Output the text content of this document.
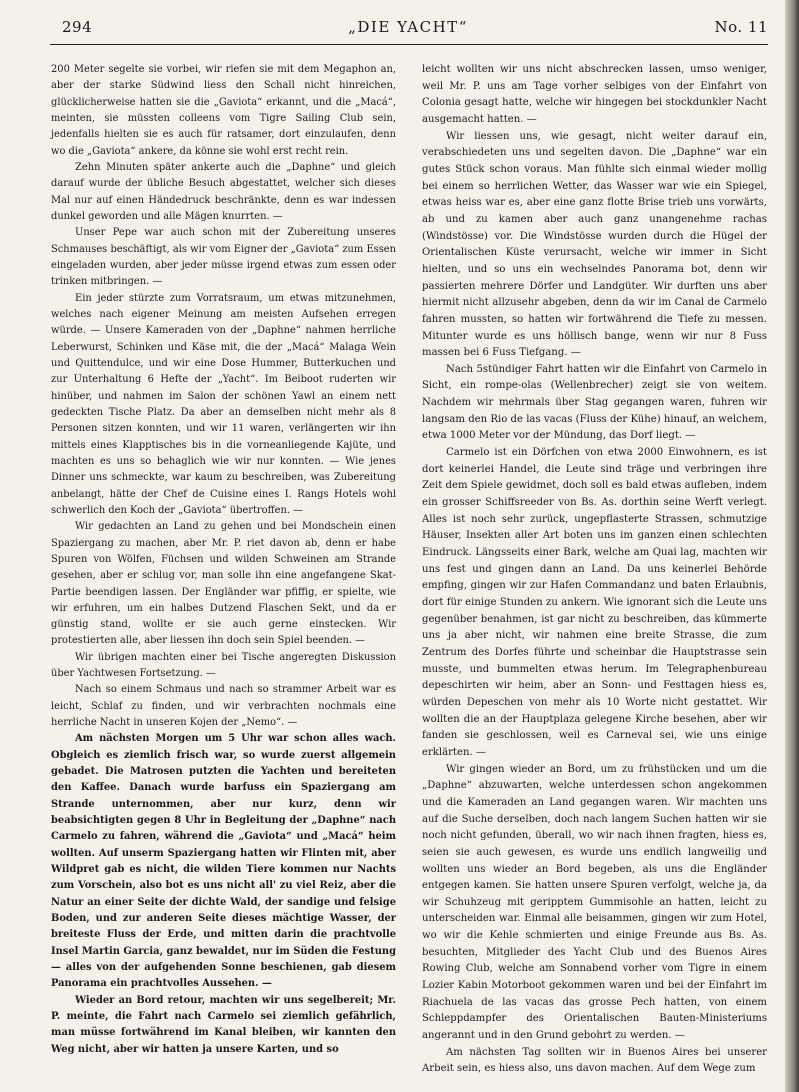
294	„DIE YACHT“	No. 11

200 Meter segelte sie vorbei, wir riefen sie mit dem Megaphon an, aber der starke Südwind liess den Schall nicht hinreichen, glücklicherweise hatten sie die „Gaviota“ erkannt, und die „Macá“, meinten, sie müssten colleens vom Tigre Sailing Club sein, jedenfalls hielten sie es auch für ratsamer, dort einzulaufen, denn wo die „Gaviota“ ankere, da könne sie wohl erst recht rein.

Zehn Minuten später ankerte auch die „Daphne“ und gleich darauf wurde der übliche Besuch abgestattet, welcher sich dieses Mal nur auf einen Händedruck beschränkte, denn es war indessen dunkel geworden und alle Mägen knurrten. —

Unser Pepe war auch schon mit der Zubereitung unseres Schmauses beschäftigt, als wir vom Eigner der „Gaviota“ zum Essen eingeladen wurden, aber jeder müsse irgend etwas zum essen oder trinken mitbringen. —

Ein jeder stürzte zum Vorratsraum, um etwas mitzunehmen, welches nach eigener Meinung am meisten Aufsehen erregen würde. — Unsere Kameraden von der „Daphne“ nahmen herrliche Leberwurst, Schinken und Käse mit, die der „Macá“ Malaga Wein und Quittendulce, und wir eine Dose Hummer, Butterkuchen und zur Unterhaltung 6 Hefte der „Yacht“. Im Beiboot ruderten wir hinüber, und nahmen im Salon der schönen Yawl an einem nett gedeckten Tische Platz. Da aber an demselben nicht mehr als 8 Personen sitzen konnten, und wir 11 waren, verlängerten wir ihn mittels eines Klapptisches bis in die vorneanliegende Kajüte, und machten es uns so behaglich wie wir nur konnten. — Wie jenes Dinner uns schmeckte, war kaum zu beschreiben, was Zubereitung anbelangt, hätte der Chef de Cuisine eines I. Rangs Hotels wohl schwerlich den Koch der „Gaviota“ übertroffen. —

Wir gedachten an Land zu gehen und bei Mondschein einen Spaziergang zu machen, aber Mr. P. riet davon ab, denn er habe Spuren von Wölfen, Füchsen und wilden Schweinen am Strande gesehen, aber er schlug vor, man solle ihn eine angefangene Skat-Partie beendigen lassen. Der Engländer war pfiffig, er spielte, wie wir erfuhren, um ein halbes Dutzend Flaschen Sekt, und da er günstig stand, wollte er sie auch gerne einstecken. Wir protestierten alle, aber liessen ihn doch sein Spiel beenden. —

Wir übrigen machten einer bei Tische angeregten Diskussion über Yachtwesen Fortsetzung. —

Nach so einem Schmaus und nach so strammer Arbeit war es leicht, Schlaf zu finden, und wir verbrachten nochmals eine herrliche Nacht in unseren Kojen der „Nemo“. —

Am nächsten Morgen um 5 Uhr war schon alles wach. Obgleich es ziemlich frisch war, so wurde zuerst allgemein gebadet. Die Matrosen putzten die Yachten und bereiteten den Kaffee. Danach wurde barfuss ein Spaziergang am Strande unternommen, aber nur kurz, denn wir beabsichtigten gegen 8 Uhr in Begleitung der „Daphne“ nach Carmelo zu fahren, während die „Gaviota“ und „Macá“ heim wollten. Auf unserm Spaziergang hatten wir Flinten mit, aber Wildpret gab es nicht, die wilden Tiere kommen nur Nachts zum Vorschein, also bot es uns nicht all' zu viel Reiz, aber die Natur an einer Seite der dichte Wald, der sandige und felsige Boden, und zur anderen Seite dieses mächtige Wasser, der breiteste Fluss der Erde, und mitten darin die prachtvolle Insel Martin Garcia, ganz bewaldet, nur im Süden die Festung — alles von der aufgehenden Sonne beschienen, gab diesem Panorama ein prachtvolles Aussehen. —

Wieder an Bord retour, machten wir uns segelbereit; Mr. P. meinte, die Fahrt nach Carmelo sei ziemlich gefährlich, man müsse fortwährend im Kanal bleiben, wir kannten den Weg nicht, aber wir hatten ja unsere Karten, und so

leicht wollten wir uns nicht abschrecken lassen, umso weniger, weil Mr. P. uns am Tage vorher selbiges von der Einfahrt von Colonia gesagt hatte, welche wir hingegen bei stockdunkler Nacht ausgemacht hatten. —

Wir liessen uns, wie gesagt, nicht weiter darauf ein, verabschiedeten uns und segelten davon. Die „Daphne“ war ein gutes Stück schon voraus. Man fühlte sich einmal wieder mollig bei einem so herrlichen Wetter, das Wasser war wie ein Spiegel, etwas heiss war es, aber eine ganz flotte Brise trieb uns vorwärts, ab und zu kamen aber auch ganz unangenehme rachas (Windstösse) vor. Die Windstösse wurden durch die Hügel der Orientalischen Küste verursacht, welche wir immer in Sicht hielten, und so uns ein wechselndes Panorama bot, denn wir passierten mehrere Dörfer und Landgüter. Wir durften uns aber hiermit nicht allzusehr abgeben, denn da wir im Canal de Carmelo fahren mussten, so hatten wir fortwährend die Tiefe zu messen. Mitunter wurde es uns höllisch bange, wenn wir nur 8 Fuss massen bei 6 Fuss Tiefgang. —

Nach 5stündiger Fahrt hatten wir die Einfahrt von Carmelo in Sicht, ein rompe-olas (Wellenbrecher) zeigt sie von weitem. Nachdem wir mehrmals über Stag gegangen waren, fuhren wir langsam den Rio de las vacas (Fluss der Kühe) hinauf, an welchem, etwa 1000 Meter vor der Mündung, das Dorf liegt. —

Carmelo ist ein Dörfchen von etwa 2000 Einwohnern, es ist dort keinerlei Handel, die Leute sind träge und verbringen ihre Zeit dem Spiele gewidmet, doch soll es bald etwas aufleben, indem ein grosser Schiffsreeder von Bs. As. dorthin seine Werft verlegt. Alles ist noch sehr zurück, ungepflasterte Strassen, schmutzige Häuser, Insekten aller Art boten uns im ganzen einen schlechten Eindruck. Längsseits einer Bark, welche am Quai lag, machten wir uns fest und gingen dann an Land. Da uns keinerlei Behörde empfing, gingen wir zur Hafen Commandanz und baten Erlaubnis, dort für einige Stunden zu ankern. Wie ignorant sich die Leute uns gegenüber benahmen, ist gar nicht zu beschreiben, das kümmerte uns ja aber nicht, wir nahmen eine breite Strasse, die zum Zentrum des Dorfes führte und scheinbar die Hauptstrasse sein musste, und bummelten etwas herum. Im Telegraphenbureau depeschirten wir heim, aber an Sonn- und Festtagen hiess es, würden Depeschen von mehr als 10 Worte nicht gestattet. Wir wollten die an der Hauptplaza gelegene Kirche besehen, aber wir fanden sie geschlossen, weil es Carneval sei, wie uns einige erklärten. —

Wir gingen wieder an Bord, um zu frühstücken und um die „Daphne“ abzuwarten, welche unterdessen schon angekommen und die Kameraden an Land gegangen waren. Wir machten uns auf die Suche derselben, doch nach langem Suchen hatten wir sie noch nicht gefunden, überall, wo wir nach ihnen fragten, hiess es, seien sie auch gewesen, es wurde uns endlich langweilig und wollten uns wieder an Bord begeben, als uns die Engländer entgegen kamen. Sie hatten unsere Spuren verfolgt, welche ja, da wir Schuhzeug mit geripptem Gummisohle an hatten, leicht zu unterscheiden war. Einmal alle beisammen, gingen wir zum Hotel, wo wir die Kehle schmierten und einige Freunde aus Bs. As. besuchten, Mitglieder des Yacht Club und des Buenos Aires Rowing Club, welche am Sonnabend vorher vom Tigre in einem Lozier Kabin Motorboot gekommen waren und bei der Einfahrt im Riachuela de las vacas das grosse Pech hatten, von einem Schleppdampfer des Orientalischen Bauten-Ministeriums angerannt und in den Grund gebohrt zu werden. —

Am nächsten Tag sollten wir in Buenos Aires bei unserer Arbeit sein, es hiess also, uns davon machen. Auf dem Wege zum
